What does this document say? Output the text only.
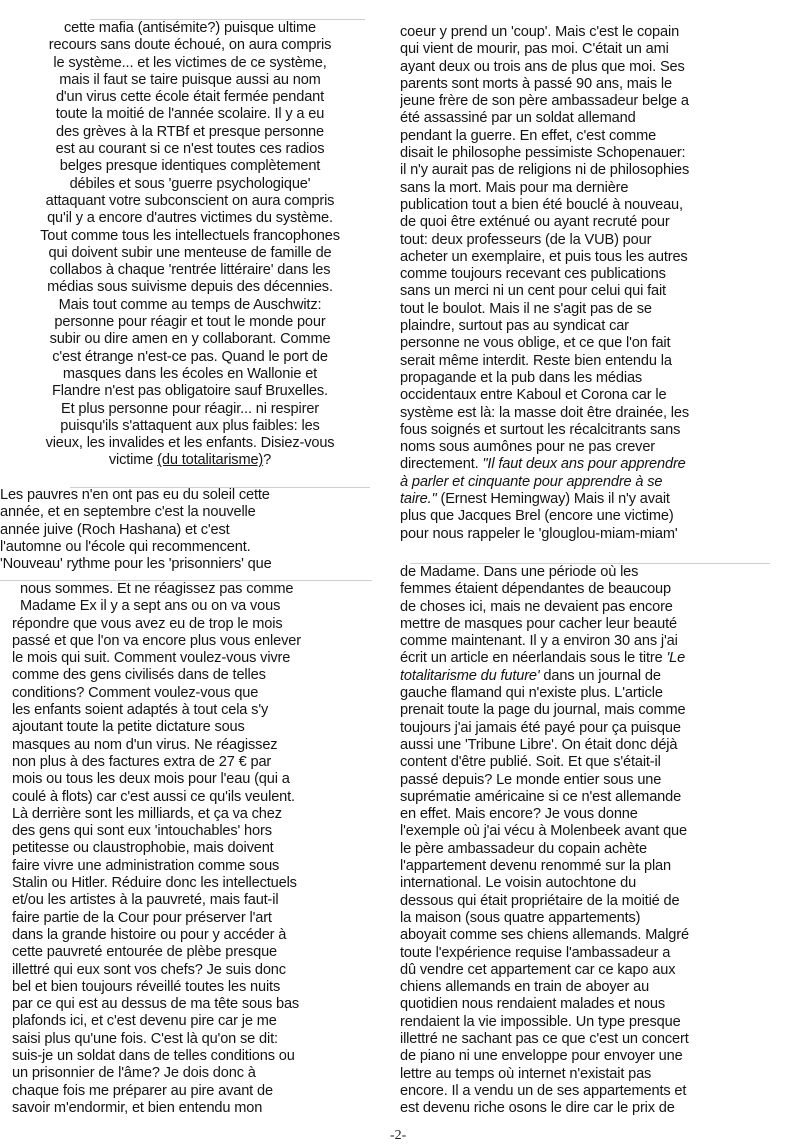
cette mafia (antisémite?) puisque ultime
recours sans doute échoué, on aura compris
le système... et les victimes de ce système,
mais il faut se taire puisque aussi au nom
d'un virus cette école était fermée pendant
toute la moitié de l'année scolaire. Il y a eu
des grèves à la RTBf et presque personne
est au courant si ce n'est toutes ces radios
belges presque identiques complètement
débiles et sous 'guerre psychologique'
attaquant votre subconscient on aura compris
qu'il y a encore d'autres victimes du système.
Tout comme tous les intellectuels francophones
qui doivent subir une menteuse de famille de
collabos à chaque 'rentrée littéraire' dans les
médias sous suivisme depuis des décennies.
Mais tout comme au temps de Auschwitz:
personne pour réagir et tout le monde pour
subir ou dire amen en y collaborant. Comme
c'est étrange n'est-ce pas. Quand le port de
masques dans les écoles en Wallonie et
Flandre n'est pas obligatoire sauf Bruxelles.
Et plus personne pour réagir... ni respirer
puisqu'ils s'attaquent aux plus faibles: les
vieux, les invalides et les enfants. Disiez-vous
victime (du totalitarisme)?
Les pauvres n'en ont pas eu du soleil cette
année, et en septembre c'est la nouvelle
année juive (Roch Hashana) et c'est
l'automne ou l'école qui recommencent.
'Nouveau' rythme pour les 'prisonniers' que
nous sommes. Et ne réagissez pas comme
Madame Ex il y a sept ans ou on va vous
répondre que vous avez eu de trop le mois
passé et que l'on va encore plus vous enlever
le mois qui suit. Comment voulez-vous vivre
comme des gens civilisés dans de telles
conditions? Comment voulez-vous que
les enfants soient adaptés à tout cela s'y
ajoutant toute la petite dictature sous
masques au nom d'un virus. Ne réagissez
non plus à des factures extra de 27 € par
mois ou tous les deux mois pour l'eau (qui a
coulé à flots) car c'est aussi ce qu'ils veulent.
Là derrière sont les milliards, et ça va chez
des gens qui sont eux 'intouchables' hors
petitesse ou claustrophobie, mais doivent
faire vivre une administration comme sous
Stalin ou Hitler. Réduire donc les intellectuels
et/ou les artistes à la pauvreté, mais faut-il
faire partie de la Cour pour préserver l'art
dans la grande histoire ou pour y accéder à
cette pauvreté entourée de plèbe presque
illettré qui eux sont vos chefs? Je suis donc
bel et bien toujours réveillé toutes les nuits
par ce qui est au dessus de ma tête sous bas
plafonds ici, et c'est devenu pire car je me
saisi plus qu'une fois. C'est là qu'on se dit:
suis-je un soldat dans de telles conditions ou
un prisonnier de l'âme? Je dois donc à
chaque fois me préparer au pire avant de
savoir m'endormir, et bien entendu mon
coeur y prend un 'coup'. Mais c'est le copain
qui vient de mourir, pas moi. C'était un ami
ayant deux ou trois ans de plus que moi. Ses
parents sont morts à passé 90 ans, mais le
jeune frère de son père ambassadeur belge a
été assassiné par un soldat allemand
pendant la guerre. En effet, c'est comme
disait le philosophe pessimiste Schopenauer:
il n'y aurait pas de religions ni de philosophies
sans la mort. Mais pour ma dernière
publication tout a bien été bouclé à nouveau,
de quoi être exténué ou ayant recruté pour
tout: deux professeurs (de la VUB) pour
acheter un exemplaire, et puis tous les autres
comme toujours recevant ces publications
sans un merci ni un cent pour celui qui fait
tout le boulot. Mais il ne s'agit pas de se
plaindre, surtout pas au syndicat car
personne ne vous oblige, et ce que l'on fait
serait même interdit. Reste bien entendu la
propagande et la pub dans les médias
occidentaux entre Kaboul et Corona car le
système est là: la masse doit être drainée, les
fous soignés et surtout les récalcitrants sans
noms sous aumônes pour ne pas crever
directement. "Il faut deux ans pour apprendre
à parler et cinquante pour apprendre à se
taire." (Ernest Hemingway) Mais il n'y avait
plus que Jacques Brel (encore une victime)
pour nous rappeler le 'glouglou-miam-miam'
de Madame. Dans une période où les
femmes étaient dépendantes de beaucoup
de choses ici, mais ne devaient pas encore
mettre de masques pour cacher leur beauté
comme maintenant. Il y a environ 30 ans j'ai
écrit un article en néerlandais sous le titre 'Le
totalitarisme du future' dans un journal de
gauche flamand qui n'existe plus. L'article
prenait toute la page du journal, mais comme
toujours j'ai jamais été payé pour ça puisque
aussi une 'Tribune Libre'. On était donc déjà
content d'être publié. Soit. Et que s'était-il
passé depuis? Le monde entier sous une
suprématie américaine si ce n'est allemande
en effet. Mais encore? Je vous donne
l'exemple où j'ai vécu à Molenbeek avant que
le père ambassadeur du copain achète
l'appartement devenu renommé sur la plan
international. Le voisin autochtone du
dessous qui était propriétaire de la moitié de
la maison (sous quatre appartements)
aboyait comme ses chiens allemands. Malgré
toute l'expérience requise l'ambassadeur a
dû vendre cet appartement car ce kapo aux
chiens allemands en train de aboyer au
quotidien nous rendaient malades et nous
rendaient la vie impossible. Un type presque
illettré ne sachant pas ce que c'est un concert
de piano ni une enveloppe pour envoyer une
lettre au temps où internet n'existait pas
encore. Il a vendu un de ses appartements et
est devenu riche osons le dire car le prix de
-2-
